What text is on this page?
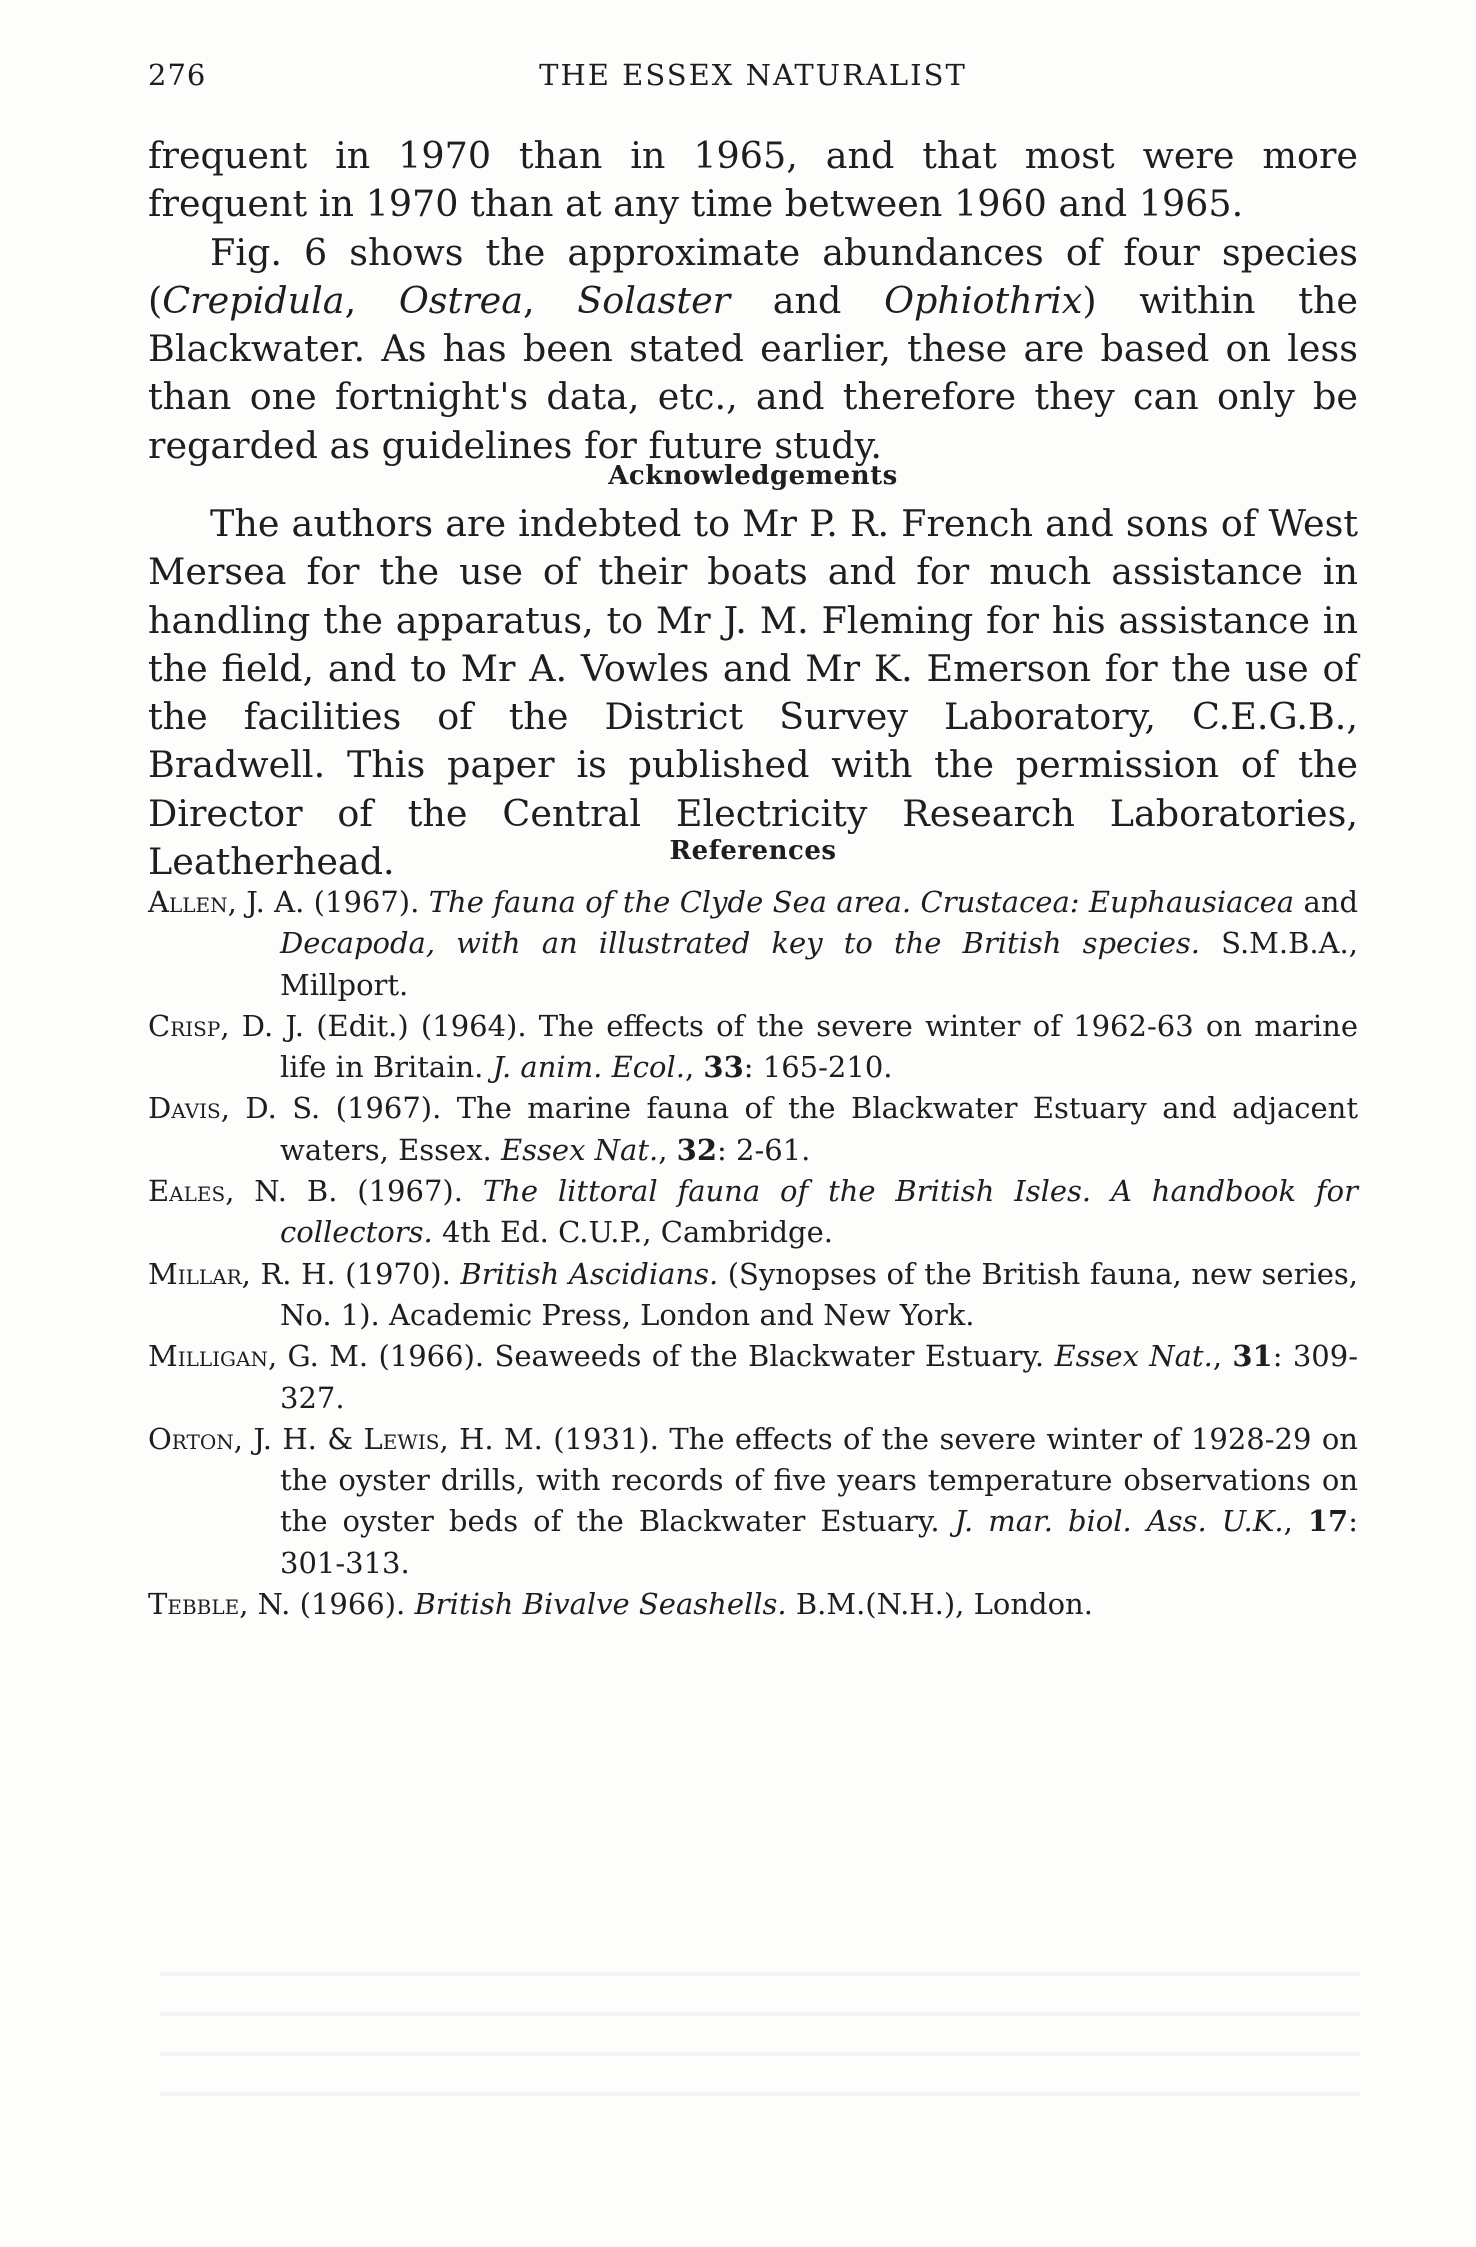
276	THE ESSEX NATURALIST
frequent in 1970 than in 1965, and that most were more frequent in 1970 than at any time between 1960 and 1965.
Fig. 6 shows the approximate abundances of four species (Crepidula, Ostrea, Solaster and Ophiothrix) within the Blackwater. As has been stated earlier, these are based on less than one fortnight's data, etc., and therefore they can only be regarded as guidelines for future study.
Acknowledgements
The authors are indebted to Mr P. R. French and sons of West Mersea for the use of their boats and for much assistance in handling the apparatus, to Mr J. M. Fleming for his assistance in the field, and to Mr A. Vowles and Mr K. Emerson for the use of the facilities of the District Survey Laboratory, C.E.G.B., Bradwell. This paper is published with the permission of the Director of the Central Electricity Research Laboratories, Leatherhead.	References

Allen, J. A. (1967). The fauna of the Clyde Sea area. Crustacea: Euphausiacea and Decapoda, with an illustrated key to the British species. S.M.B.A., Millport.

Crisp, D. J. (Edit.) (1964). The effects of the severe winter of 1962-63 on marine life in Britain. J. anim. Ecol., 33: 165-210.

Davis, D. S. (1967). The marine fauna of the Blackwater Estuary and adjacent waters, Essex. Essex Nat., 32: 2-61.

Eales, N. B. (1967). The littoral fauna of the British Isles. A handbook for collectors. 4th Ed. C.U.P., Cambridge.

Millar, R. H. (1970). British Ascidians. (Synopses of the British fauna, new series, No. 1). Academic Press, London and New York.

Milligan, G. M. (1966). Seaweeds of the Blackwater Estuary. Essex Nat., 31: 309-327.

Orton, J. H. & Lewis, H. M. (1931). The effects of the severe winter of 1928-29 on the oyster drills, with records of five years temperature observations on the oyster beds of the Blackwater Estuary. J. mar. biol. Ass. U.K., 17: 301-313.

Tebble, N. (1966). British Bivalve Seashells. B.M.(N.H.), London.
